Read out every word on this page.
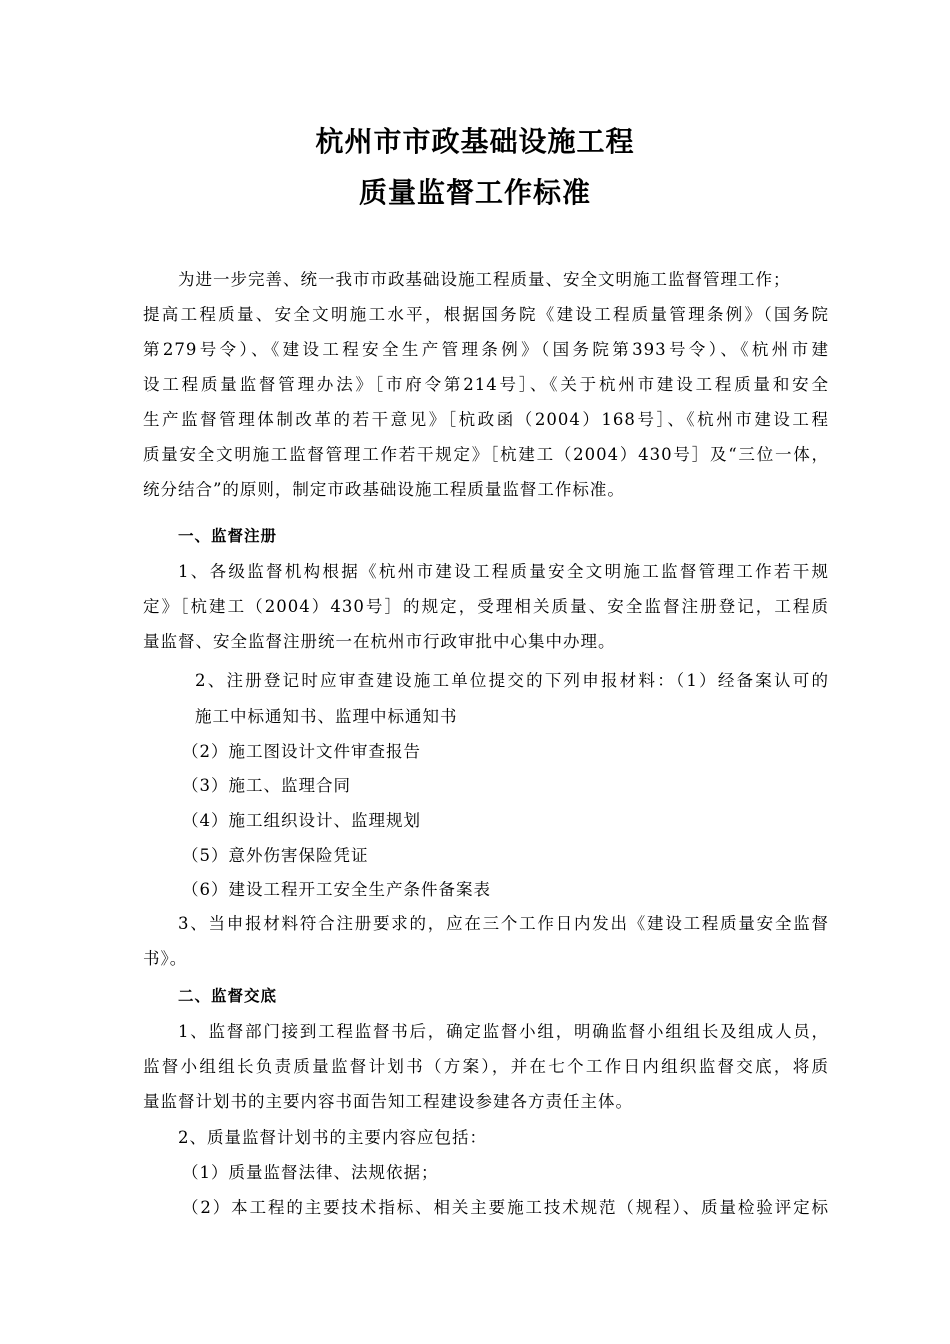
杭州市市政基础设施工程
质量监督工作标准
为进一步完善、统一我市市政基础设施工程质量、安全文明施工监督管理工作；
提高工程质量、安全文明施工水平，根据国务院《建设工程质量管理条例》（国务院
第279号令）、《建设工程安全生产管理条例》（国务院第393号令）、《杭州市建
设工程质量监督管理办法》［市府令第214号］、《关于杭州市建设工程质量和安全
生产监督管理体制改革的若干意见》［杭政函（2004）168号］、《杭州市建设工程
质量安全文明施工监督管理工作若干规定》［杭建工（2004）430号］及“三位一体，
统分结合”的原则，制定市政基础设施工程质量监督工作标准。
一、监督注册
1、各级监督机构根据《杭州市建设工程质量安全文明施工监督管理工作若干规
定》［杭建工（2004）430号］的规定，受理相关质量、安全监督注册登记，工程质
量监督、安全监督注册统一在杭州市行政审批中心集中办理。
2、注册登记时应审查建设施工单位提交的下列申报材料：（1）经备案认可的
施工中标通知书、监理中标通知书
（2）施工图设计文件审查报告
（3）施工、监理合同
（4）施工组织设计、监理规划
（5）意外伤害保险凭证
（6）建设工程开工安全生产条件备案表
3、当申报材料符合注册要求的，应在三个工作日内发出《建设工程质量安全监督
书》。
二、监督交底
1、监督部门接到工程监督书后，确定监督小组，明确监督小组组长及组成人员，
监督小组组长负责质量监督计划书（方案），并在七个工作日内组织监督交底，将质
量监督计划书的主要内容书面告知工程建设参建各方责任主体。
2、质量监督计划书的主要内容应包括：
（1）质量监督法律、法规依据；
（2）本工程的主要技术指标、相关主要施工技术规范（规程）、质量检验评定标
